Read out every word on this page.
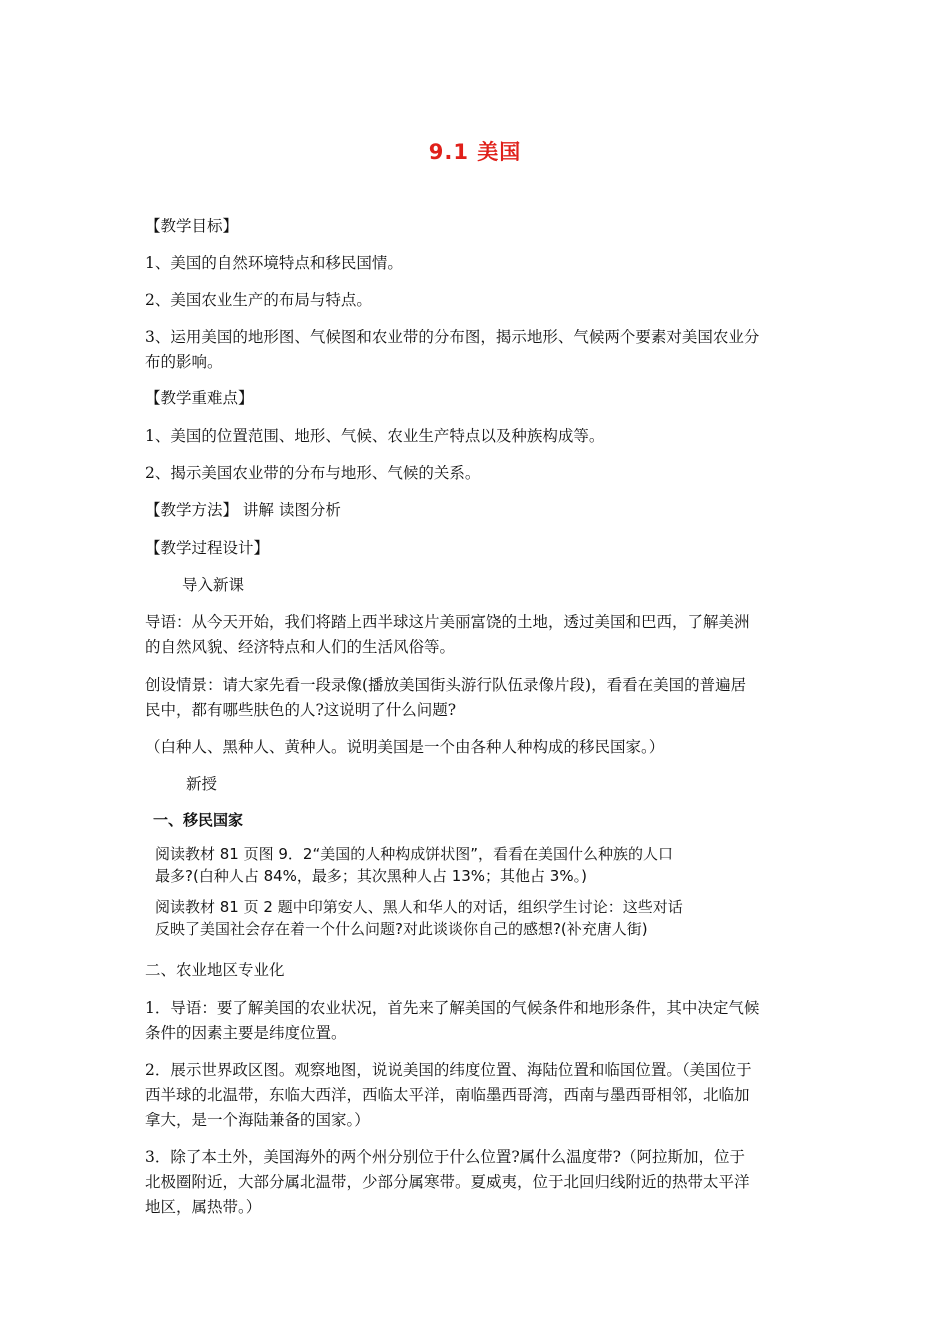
9.1 美国
【教学目标】
1、美国的自然环境特点和移民国情。
2、美国农业生产的布局与特点。
3、运用美国的地形图、气候图和农业带的分布图，揭示地形、气候两个要素对美国农业分
布的影响。
【教学重难点】
1、美国的位置范围、地形、气候、农业生产特点以及种族构成等。
2、揭示美国农业带的分布与地形、气候的关系。
【教学方法】 讲解 读图分析
【教学过程设计】
导入新课
导语：从今天开始，我们将踏上西半球这片美丽富饶的土地，透过美国和巴西，了解美洲
的自然风貌、经济特点和人们的生活风俗等。
创设情景：请大家先看一段录像(播放美国街头游行队伍录像片段)，看看在美国的普遍居
民中，都有哪些肤色的人?这说明了什么问题?
（白种人、黑种人、黄种人。说明美国是一个由各种人种构成的移民国家。）
新授
一、移民国家
阅读教材 81 页图 9．2“美国的人种构成饼状图”，看看在美国什么种族的人口
最多?(白种人占 84%，最多；其次黑种人占 13%；其他占 3%。)
阅读教材 81 页 2 题中印第安人、黑人和华人的对话，组织学生讨论：这些对话
反映了美国社会存在着一个什么问题?对此谈谈你自己的感想?(补充唐人街)
二、农业地区专业化
1．导语：要了解美国的农业状况，首先来了解美国的气候条件和地形条件，其中决定气候
条件的因素主要是纬度位置。
2．展示世界政区图。观察地图，说说美国的纬度位置、海陆位置和临国位置。（美国位于
西半球的北温带，东临大西洋，西临太平洋，南临墨西哥湾，西南与墨西哥相邻，北临加
拿大，是一个海陆兼备的国家。）
3．除了本土外，美国海外的两个州分别位于什么位置?属什么温度带?（阿拉斯加，位于
北极圈附近，大部分属北温带，少部分属寒带。夏威夷，位于北回归线附近的热带太平洋
地区，属热带。）
